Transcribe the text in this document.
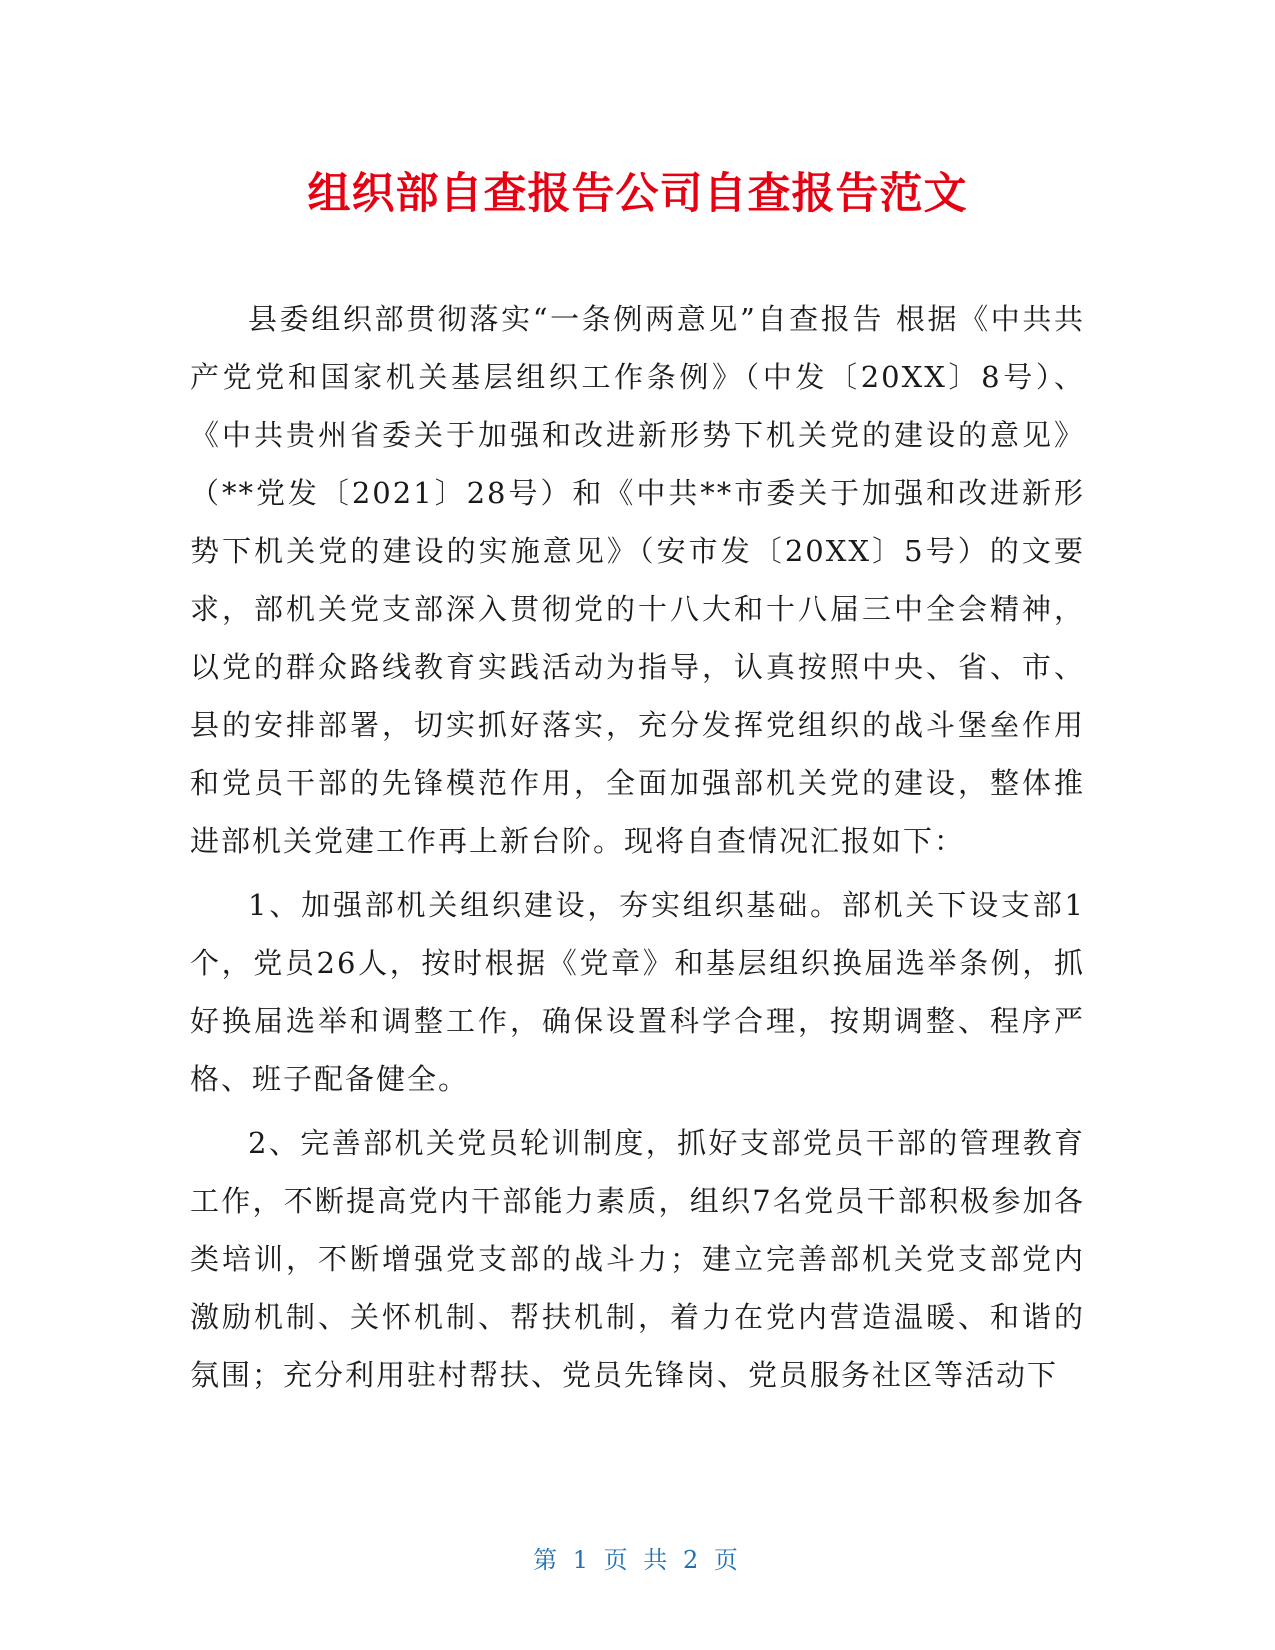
组织部自查报告公司自查报告范文

县委组织部贯彻落实“一条例两意见”自查报告 根据《中共共产党党和国家机关基层组织工作条例》（中发〔20XX〕8号）、《中共贵州省委关于加强和改进新形势下机关党的建设的意见》（**党发〔2021〕28号）和《中共**市委关于加强和改进新形势下机关党的建设的实施意见》（安市发〔20XX〕5号）的文要求，部机关党支部深入贯彻党的十八大和十八届三中全会精神，以党的群众路线教育实践活动为指导，认真按照中央、省、市、县的安排部署，切实抓好落实，充分发挥党组织的战斗堡垒作用和党员干部的先锋模范作用，全面加强部机关党的建设，整体推进部机关党建工作再上新台阶。现将自查情况汇报如下：

1、加强部机关组织建设，夯实组织基础。部机关下设支部1个，党员26人，按时根据《党章》和基层组织换届选举条例，抓好换届选举和调整工作，确保设置科学合理，按期调整、程序严格、班子配备健全。

2、完善部机关党员轮训制度，抓好支部党员干部的管理教育工作，不断提高党内干部能力素质，组织7名党员干部积极参加各类培训，不断增强党支部的战斗力；建立完善部机关党支部党内激励机制、关怀机制、帮扶机制，着力在党内营造温暖、和谐的氛围；充分利用驻村帮扶、党员先锋岗、党员服务社区等活动下

第 1 页 共 2 页
